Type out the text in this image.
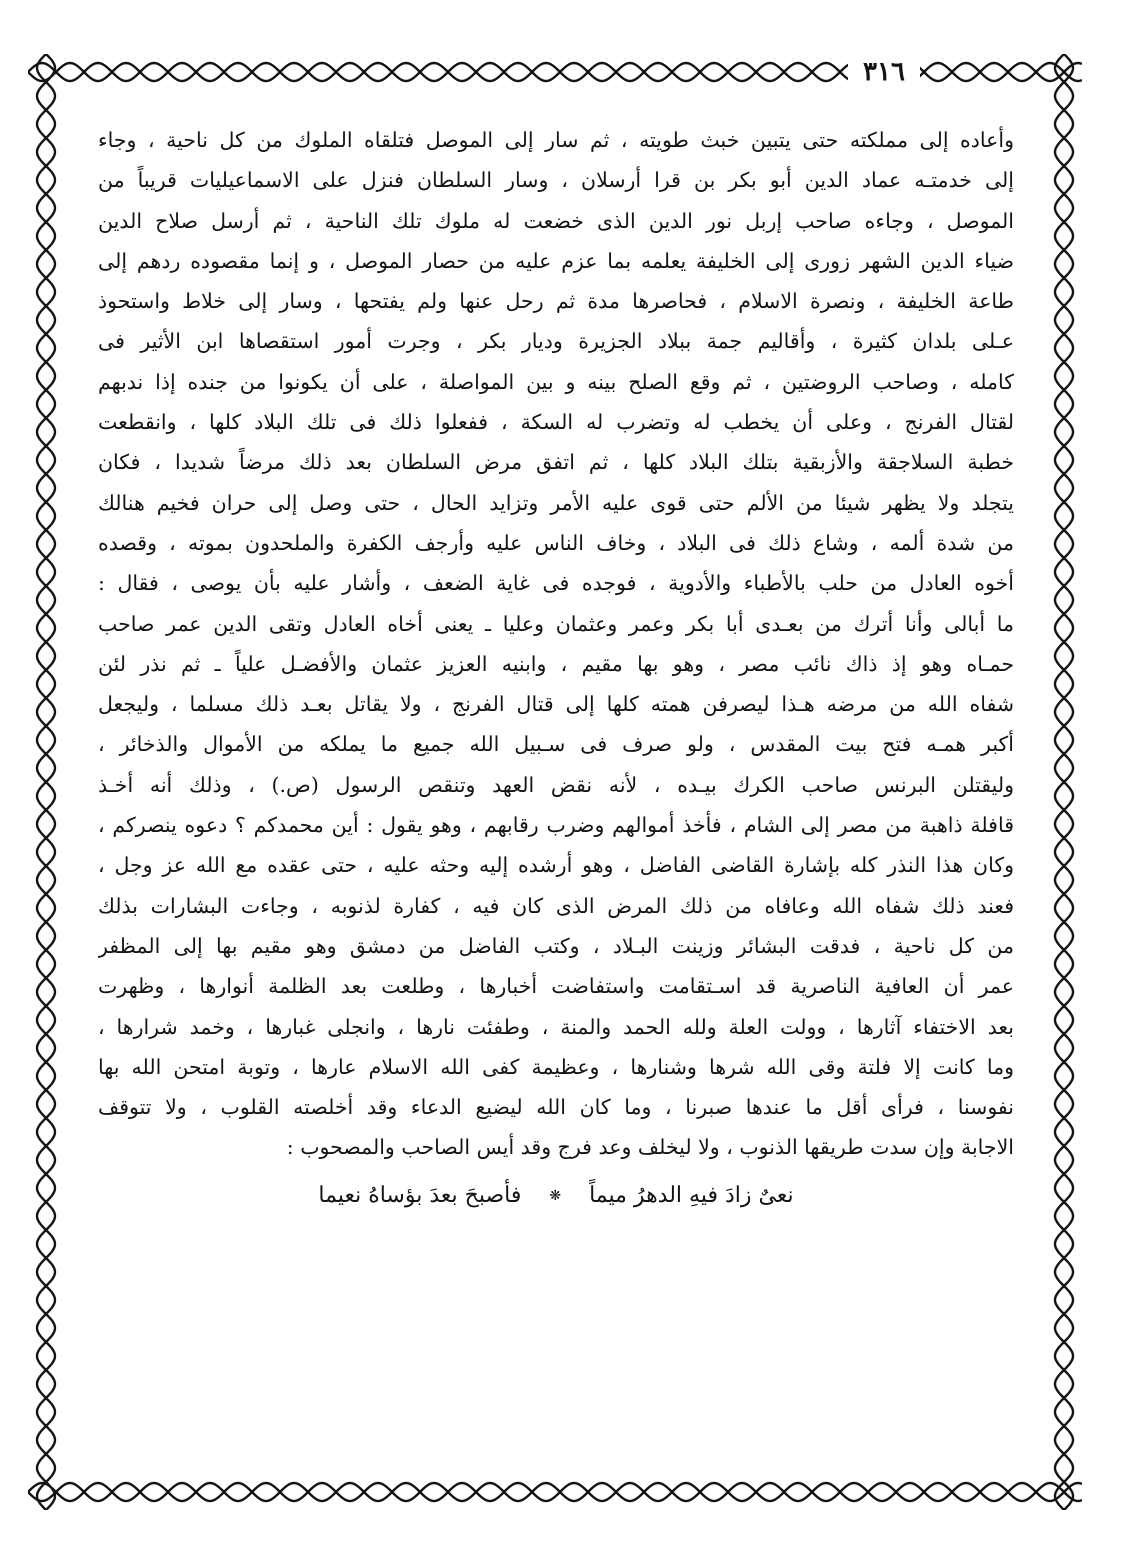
٣١٦
وأعاده إلى مملكته حتى يتبين خبث طويته ، ثم سار إلى الموصل فتلقاه الملوك من كل ناحية ، وجاء
إلى خدمتـه عماد الدين أبو بكر بن قرا أرسلان ، وسار السلطان فنزل على الاسماعيليات قريباً من
الموصل ، وجاءه صاحب إربل نور الدين الذى خضعت له ملوك تلك الناحية ، ثم أرسل صلاح الدين
ضياء الدين الشهر زورى إلى الخليفة يعلمه بما عزم عليه من حصار الموصل ، و إنما مقصوده ردهم إلى
طاعة الخليفة ، ونصرة الاسلام ، فحاصرها مدة ثم رحل عنها ولم يفتحها ، وسار إلى خلاط واستحوذ
عـلى بلدان كثيرة ، وأقاليم جمة ببلاد الجزيرة وديار بكر ، وجرت أمور استقصاها ابن الأثير فى
كامله ، وصاحب الروضتين ، ثم وقع الصلح بينه و بين المواصلة ، على أن يكونوا من جنده إذا ندبهم
لقتال الفرنج ، وعلى أن يخطب له وتضرب له السكة ، ففعلوا ذلك فى تلك البلاد كلها ، وانقطعت
خطبة السلاجقة والأزبقية بتلك البلاد كلها ، ثم اتفق مرض السلطان بعد ذلك مرضاً شديدا ، فكان
يتجلد ولا يظهر شيئا من الألم حتى قوى عليه الأمر وتزايد الحال ، حتى وصل إلى حران فخيم هنالك
من شدة ألمه ، وشاع ذلك فى البلاد ، وخاف الناس عليه وأرجف الكفرة والملحدون بموته ، وقصده
أخوه العادل من حلب بالأطباء والأدوية ، فوجده فى غاية الضعف ، وأشار عليه بأن يوصى ، فقال :
ما أبالى وأنا أترك من بعـدى أبا بكر وعمر وعثمان وعليا ـ يعنى أخاه العادل وتقى الدين عمر صاحب
حمـاه وهو إذ ذاك نائب مصر ، وهو بها مقيم ، وابنيه العزيز عثمان والأفضـل علياً ـ ثم نذر لئن
شفاه الله من مرضه هـذا ليصرفن همته كلها إلى قتال الفرنج ، ولا يقاتل بعـد ذلك مسلما ، وليجعل
أكبر همـه فتح بيت المقدس ، ولو صرف فى سـبيل الله جميع ما يملكه من الأموال والذخائر ،
وليقتلن البرنس صاحب الكرك بيـده ، لأنه نقض العهد وتنقص الرسول (ص.) ، وذلك أنه أخـذ
قافلة ذاهبة من مصر إلى الشام ، فأخذ أموالهم وضرب رقابهم ، وهو يقول : أين محمدكم ؟ دعوه ينصركم ،
وكان هذا النذر كله بإشارة القاضى الفاضل ، وهو أرشده إليه وحثه عليه ، حتى عقده مع الله عز وجل ،
فعند ذلك شفاه الله وعافاه من ذلك المرض الذى كان فيه ، كفارة لذنوبه ، وجاءت البشارات بذلك
من كل ناحية ، فدقت البشائر وزينت البـلاد ، وكتب الفاضل من دمشق وهو مقيم بها إلى المظفر
عمر أن العافية الناصرية قد اسـتقامت واستفاضت أخبارها ، وطلعت بعد الظلمة أنوارها ، وظهرت
بعد الاختفاء آثارها ، وولت العلة ولله الحمد والمنة ، وطفئت نارها ، وانجلى غبارها ، وخمد شرارها ،
وما كانت إلا فلتة وقى الله شرها وشنارها ، وعظيمة كفى الله الاسلام عارها ، وتوبة امتحن الله بها
نفوسنا ، فرأى أقل ما عندها صبرنا ، وما كان الله ليضيع الدعاء وقد أخلصته القلوب ، ولا تتوقف
الاجابة وإن سدت طريقها الذنوب ، ولا ليخلف وعد فرج وقد أيس الصاحب والمصحوب :
نعىٌ زادَ فيهِ الدهرُ ميماً❋فأصبحَ بعدَ بؤساهُ نعيما
